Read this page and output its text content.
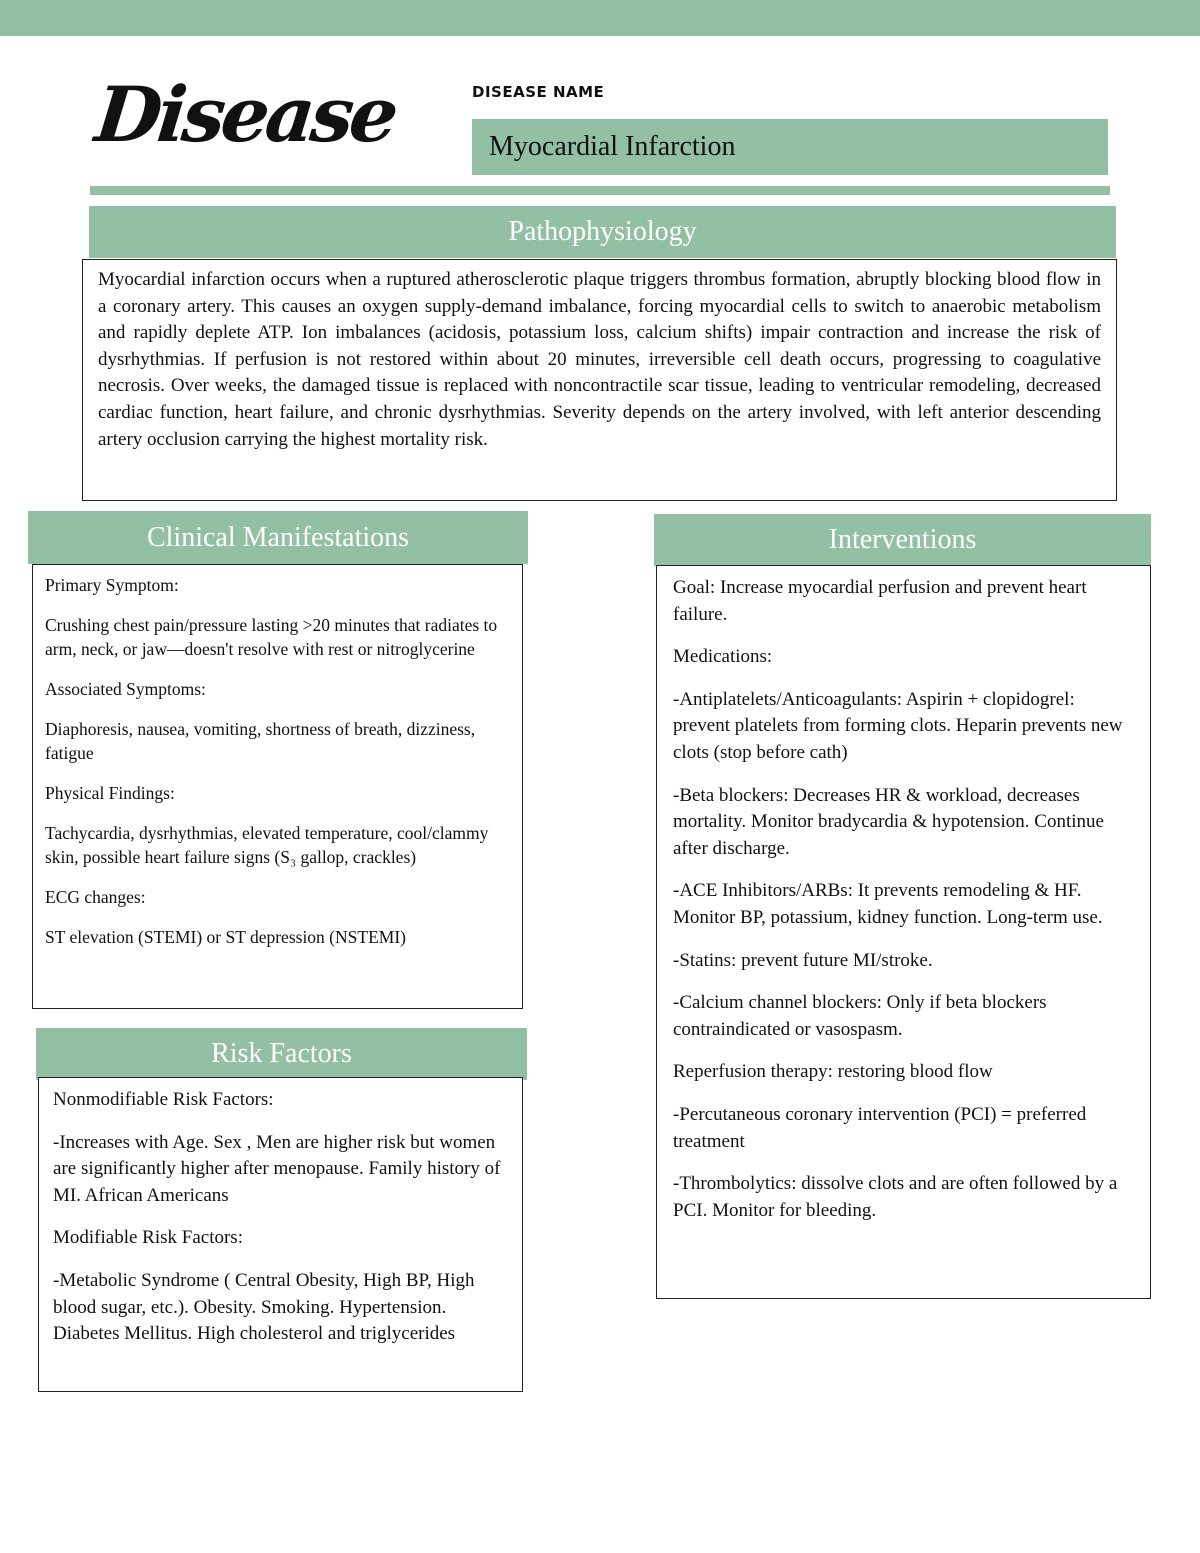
Disease	DISEASE NAME
Myocardial Infarction
Pathophysiology

Myocardial infarction occurs when a ruptured atherosclerotic plaque triggers thrombus formation, abruptly blocking blood flow in a coronary artery. This causes an oxygen supply-demand imbalance, forcing myocardial cells to switch to anaerobic metabolism and rapidly deplete ATP. Ion imbalances (acidosis, potassium loss, calcium shifts) impair contraction and increase the risk of dysrhythmias. If perfusion is not restored within about 20 minutes, irreversible cell death occurs, progressing to coagulative necrosis. Over weeks, the damaged tissue is replaced with noncontractile scar tissue, leading to ventricular remodeling, decreased cardiac function, heart failure, and chronic dysrhythmias. Severity depends on the artery involved, with left anterior descending artery occlusion carrying the highest mortality risk.

Clinical Manifestations

Primary Symptom:

Crushing chest pain/pressure lasting >20 minutes that radiates to arm, neck, or jaw—doesn't resolve with rest or nitroglycerine

Associated Symptoms:

Diaphoresis, nausea, vomiting, shortness of breath, dizziness, fatigue

Physical Findings:

Tachycardia, dysrhythmias, elevated temperature, cool/clammy skin, possible heart failure signs (S₃ gallop, crackles)

ECG changes:

ST elevation (STEMI) or ST depression (NSTEMI)

Risk Factors

Nonmodifiable Risk Factors:

-Increases with Age. Sex , Men are higher risk but women are significantly higher after menopause. Family history of MI. African Americans

Modifiable Risk Factors:

-Metabolic Syndrome ( Central Obesity, High BP, High blood sugar, etc.). Obesity. Smoking. Hypertension. Diabetes Mellitus. High cholesterol and triglycerides

Interventions

Goal: Increase myocardial perfusion and prevent heart failure.

Medications:

-Antiplatelets/Anticoagulants: Aspirin + clopidogrel: prevent platelets from forming clots. Heparin prevents new clots (stop before cath)

-Beta blockers: Decreases HR & workload, decreases mortality. Monitor bradycardia & hypotension. Continue after discharge.

-ACE Inhibitors/ARBs: It prevents remodeling & HF. Monitor BP, potassium, kidney function. Long-term use.

-Statins: prevent future MI/stroke.

-Calcium channel blockers: Only if beta blockers contraindicated or vasospasm.

Reperfusion therapy: restoring blood flow

-Percutaneous coronary intervention (PCI) = preferred treatment

-Thrombolytics: dissolve clots and are often followed by a PCI. Monitor for bleeding.
